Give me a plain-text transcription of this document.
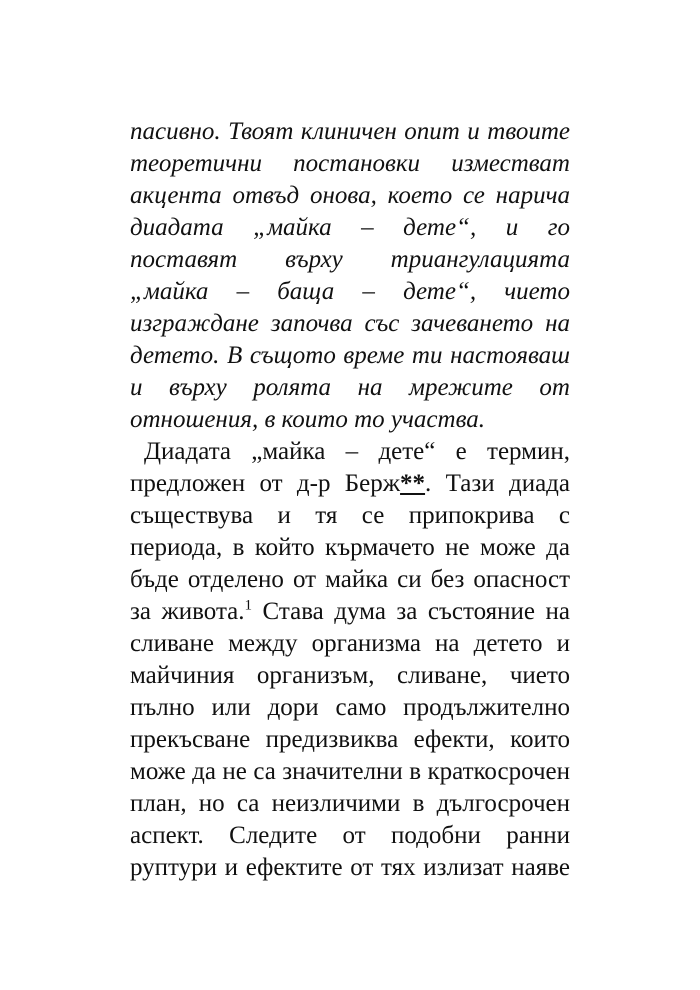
пасивно. Твоят клиничен опит и твоите
теоретични постановки изместват
акцента отвъд онова, което се нарича
диадата „майка – дете“, и го
поставят върху триангулацията
„майка – баща – дете“, чието
изграждане започва със зачеването на
детето. В същото време ти настояваш
и върху ролята на мрежите от
отношения, в които то участва.
Диадата „майка – дете“ е термин,
предложен от д-р Берж**. Тази диада
съществува и тя се припокрива с
периода, в който кърмачето не може да
бъде отделено от майка си без опасност
за живота.$^1$ Става дума за състояние на
сливане между организма на детето и
майчиния организъм, сливане, чието
пълно или дори само продължително
прекъсване предизвиква ефекти, които
може да не са значителни в краткосрочен
план, но са неизличими в дългосрочен
аспект. Следите от подобни ранни
руптури и ефектите от тях излизат наяве
